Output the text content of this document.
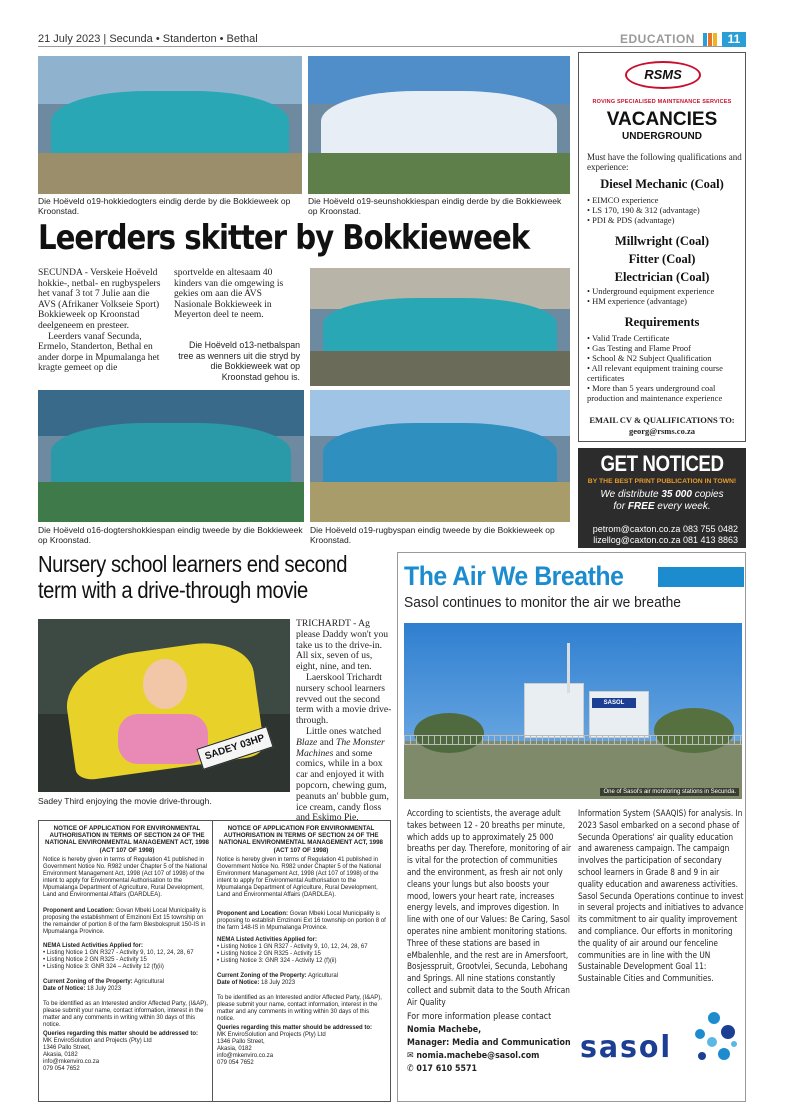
21 July 2023 | Secunda • Standerton • Bethal	EDUCATION	11
Die Hoëveld o19-hokkiedogters eindig derde by die Bokkieweek op Kroonstad.
Die Hoëveld o19-seunshokkiespan eindig derde by die Bokkieweek op Kroonstad.
Leerders skitter by Bokkieweek

SECUNDA - Verskeie Hoëveld hokkie-, netbal- en rugbyspelers het vanaf 3 tot 7 Julie aan die AVS (Afrikaner Volkseie Sport) Bokkieweek op Kroonstad deelgeneem en presteer.

Leerders vanaf Secunda, Ermelo, Standerton, Bethal en ander dorpe in Mpumalanga het kragte gemeet op die

sportvelde en altesaam 40 kinders van die omgewing is gekies om aan die AVS Nasionale Bokkieweek in Meyerton deel te neem.

Die Hoëveld o13-netbalspan tree as wenners uit die stryd by die Bokkieweek wat op Kroonstad gehou is.
Die Hoëveld o16-dogtershokkiespan eindig tweede by die Bokkieweek op Kroonstad.
Die Hoëveld o19-rugbyspan eindig tweede by die Bokkieweek op Kroonstad.
RSMS
ROVING SPECIALISED MAINTENANCE SERVICES
VACANCIES
UNDERGROUND
Must have the following qualifications and experience:
Diesel Mechanic (Coal)
• EIMCO experience
• LS 170, 190 & 312 (advantage)
• PDI & PDS (advantage)
Millwright (Coal)
Fitter (Coal)
Electrician (Coal)
• Underground equipment experience
• HM experience (advantage)
Requirements
• Valid Trade Certificate
• Gas Testing and Flame Proof
• School & N2 Subject Qualification
• All relevant equipment training course certificates
• More than 5 years underground coal production and maintenance experience
EMAIL CV & QUALIFICATIONS TO:
georg@rsms.co.za
GET NOTICED
BY THE BEST PRINT PUBLICATION IN TOWN!
We distribute 35 000 copies
for FREE every week.
petrom@caxton.co.za 083 755 0482
lizellog@caxton.co.za 081 413 8863
Nursery school learners end second
term with a drive-through movie
SADEY 03HP
Sadey Third enjoying the movie drive-through.

TRICHARDT - Ag please Daddy won't you take us to the drive-in. All six, seven of us, eight, nine, and ten.

Laerskool Trichardt nursery school learners revved out the second term with a movie drive-through.

Little ones watched Blaze and The Monster Machines and some comics, while in a box car and enjoyed it with popcorn, chewing gum, peanuts an' bubble gum, ice cream, candy floss and Eskimo Pie.

The Air We Breathe
Sasol continues to monitor the air we breathe
SASOL
One of Sasol's air monitoring stations in Secunda.
According to scientists, the average adult takes between 12 - 20 breaths per minute, which adds up to approximately 25 000 breaths per day. Therefore, monitoring of air is vital for the protection of communities and the environment, as fresh air not only cleans your lungs but also boosts your mood, lowers your heart rate, increases energy levels, and improves digestion. In line with one of our Values: Be Caring, Sasol operates nine ambient monitoring stations. Three of these stations are based in eMbalenhle, and the rest are in Amersfoort, Bosjesspruit, Grootvlei, Secunda, Lebohang and Springs. All nine stations constantly collect and submit data to the South African Air Quality

Information System (SAAQIS) for analysis. In 2023 Sasol embarked on a second phase of Secunda Operations' air quality education and awareness campaign. The campaign involves the participation of secondary school learners in Grade 8 and 9 in air quality education and awareness activities.

Sasol Secunda Operations continue to invest in several projects and initiatives to advance its commitment to air quality improvement and compliance. Our efforts in monitoring the quality of air around our fenceline communities are in line with the UN Sustainable Development Goal 11: Sustainable Cities and Communities.

For more information please contact
Nomia Machebe,
Manager: Media and Communication
✉ nomia.machebe@sasol.com
✆ 017 610 5571
sasol
NOTICE OF APPLICATION FOR ENVIRONMENTAL AUTHORISATION IN TERMS OF SECTION 24 OF THE NATIONAL ENVIRONMENTAL MANAGEMENT ACT, 1998 (ACT 107 OF 1998)
Notice is hereby given in terms of Regulation 41 published in Government Notice No. R982 under Chapter 5 of the National Environment Management Act, 1998 (Act 107 of 1998) of the intent to apply for Environmental Authorisation to the Mpumalanga Department of Agriculture, Rural Development, Land and Environmental Affairs (DARDLEA).
Proponent and Location: Govan Mbeki Local Municipality is proposing the establishment of Emzinoni Ext 15 township on the remainder of portion 8 of the farm Blesbokspruit 150-IS in Mpumalanga Province.
NEMA Listed Activities Applied for:
• Listing Notice 1 GN R327 - Activity 9, 10, 12, 24, 28, 67
• Listing Notice 2 GN R325 - Activity 15
• Listing Notice 3: GNR 324 – Activity 12 (f)(ii)
Current Zoning of the Property: Agricultural
Date of Notice: 18 July 2023
To be identified as an Interested and/or Affected Party, (I&AP), please submit your name, contact information, interest in the matter and any comments in writing within 30 days of this notice.
Queries regarding this matter should be addressed to:
MK EnviroSolution and Projects (Pty) Ltd
1346 Pallo Street,
Akasia, 0182
info@mkenviro.co.za
079 054 7652
NOTICE OF APPLICATION FOR ENVIRONMENTAL AUTHORISATION IN TERMS OF SECTION 24 OF THE NATIONAL ENVIRONMENTAL MANAGEMENT ACT, 1998 (ACT 107 OF 1998)
Notice is hereby given in terms of Regulation 41 published in Government Notice No. R982 under Chapter 5 of the National Environment Management Act, 1998 (Act 107 of 1998) of the intent to apply for Environmental Authorisation to the Mpumalanga Department of Agriculture, Rural Development, Land and Environmental Affairs (DARDLEA).
Proponent and Location: Govan Mbeki Local Municipality is proposing to establish Emzinoni Ext 16 township on portion 8 of the farm 148-IS in Mpumalanga Province.
NEMA Listed Activities Applied for:
• Listing Notice 1 GN R327 - Activity 9, 10, 12, 24, 28, 67
• Listing Notice 2 GN R325 - Activity 15
• Listing Notice 3: GNR 324 - Activity 12 (f)(ii)
Current Zoning of the Property: Agricultural
Date of Notice: 18 July 2023
To be identified as an Interested and/or Affected Party, (I&AP), please submit your name, contact information, interest in the matter and any comments in writing within 30 days of this notice.
Queries regarding this matter should be addressed to:
MK EnviroSolution and Projects (Pty) Ltd
1346 Pallo Street,
Akasia, 0182
info@mkenviro.co.za
079 054 7652
